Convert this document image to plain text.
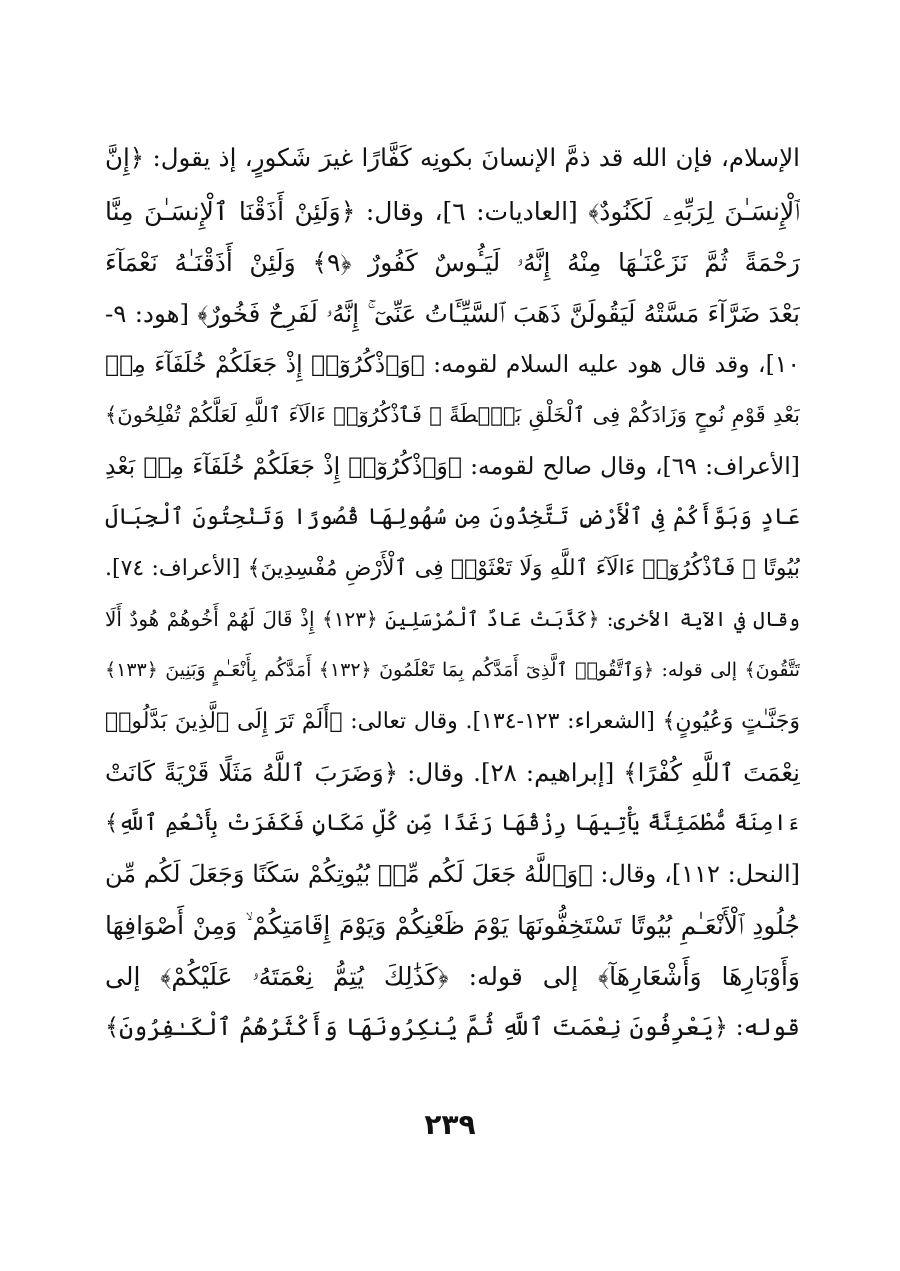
الإسلام، فإن الله قد ذمَّ الإنسانَ بكونِه كَفَّارًا غيرَ شَكورٍ، إذ يقول: ﴿إِنَّ
ٱلْإِنسَـٰنَ لِرَبِّهِۦ لَكَنُودٌ﴾ [العاديات: ٦]، وقال: ﴿وَلَئِنْ أَذَقْنَا ٱلْإِنسَـٰنَ مِنَّا
رَحْمَةً ثُمَّ نَزَعْنَـٰهَا مِنْهُ إِنَّهُۥ لَيَـُٔوسٌ كَفُورٌ ﴿٩﴾ وَلَئِنْ أَذَقْنَـٰهُ نَعْمَآءَ
بَعْدَ ضَرَّآءَ مَسَّتْهُ لَيَقُولَنَّ ذَهَبَ ٱلسَّيِّـَٔاتُ عَنِّىٓ ۚ إِنَّهُۥ لَفَرِحٌ فَخُورٌ﴾ [هود: ٩-
١٠]، وقد قال هود عليه السلام لقومه: ﴿وَٱذْكُرُوٓا۟ إِذْ جَعَلَكُمْ خُلَفَآءَ مِنۢ
بَعْدِ قَوْمِ نُوحٍ وَزَادَكُمْ فِى ٱلْخَلْقِ بَصْۜطَةً ۖ فَٱذْكُرُوٓا۟ ءَالَآءَ ٱللَّهِ لَعَلَّكُمْ تُفْلِحُونَ﴾
[الأعراف: ٦٩]، وقال صالح لقومه: ﴿وَٱذْكُرُوٓا۟ إِذْ جَعَلَكُمْ خُلَفَآءَ مِنۢ بَعْدِ
عَادٍ وَبَوَّأَكُمْ فِى ٱلْأَرْضِ تَتَّخِذُونَ مِن سُهُولِهَا قُصُورًا وَتَنْحِتُونَ ٱلْجِبَالَ
بُيُوتًا ۖ فَٱذْكُرُوٓا۟ ءَالَآءَ ٱللَّهِ وَلَا تَعْثَوْا۟ فِى ٱلْأَرْضِ مُفْسِدِينَ﴾ [الأعراف: ٧٤].
وقال في الآية الأخرى: ﴿كَذَّبَتْ عَادٌ ٱلْمُرْسَلِينَ ﴿١٢٣﴾ إِذْ قَالَ لَهُمْ أَخُوهُمْ هُودٌ أَلَا
تَتَّقُونَ﴾ إلى قوله: ﴿وَٱتَّقُوا۟ ٱلَّذِىٓ أَمَدَّكُم بِمَا تَعْلَمُونَ ﴿١٣٢﴾ أَمَدَّكُم بِأَنْعَـٰمٍ وَبَنِينَ ﴿١٣٣﴾
وَجَنَّـٰتٍ وَعُيُونٍ﴾ [الشعراء: ١٢٣-١٣٤]. وقال تعالى: ﴿أَلَمْ تَرَ إِلَى ٱلَّذِينَ بَدَّلُوا۟
نِعْمَتَ ٱللَّهِ كُفْرًا﴾ [إبراهيم: ٢٨]. وقال: ﴿وَضَرَبَ ٱللَّهُ مَثَلًا قَرْيَةً كَانَتْ
ءَامِنَةً مُّطْمَئِنَّةً يَأْتِيهَا رِزْقُهَا رَغَدًا مِّن كُلِّ مَكَانٍ فَكَفَرَتْ بِأَنْعُمِ ٱللَّهِ﴾
[النحل: ١١٢]، وقال: ﴿وَٱللَّهُ جَعَلَ لَكُم مِّنۢ بُيُوتِكُمْ سَكَنًا وَجَعَلَ لَكُم مِّن
جُلُودِ ٱلْأَنْعَـٰمِ بُيُوتًا تَسْتَخِفُّونَهَا يَوْمَ ظَعْنِكُمْ وَيَوْمَ إِقَامَتِكُمْ ۙ وَمِنْ أَصْوَافِهَا
وَأَوْبَارِهَا وَأَشْعَارِهَآ﴾ إلى قوله: ﴿كَذَٰلِكَ يُتِمُّ نِعْمَتَهُۥ عَلَيْكُمْ﴾ إلى
قوله: ﴿يَعْرِفُونَ نِعْمَتَ ٱللَّهِ ثُمَّ يُنكِرُونَهَا وَأَكْثَرُهُمُ ٱلْكَـٰفِرُونَ﴾
٢٣٩
